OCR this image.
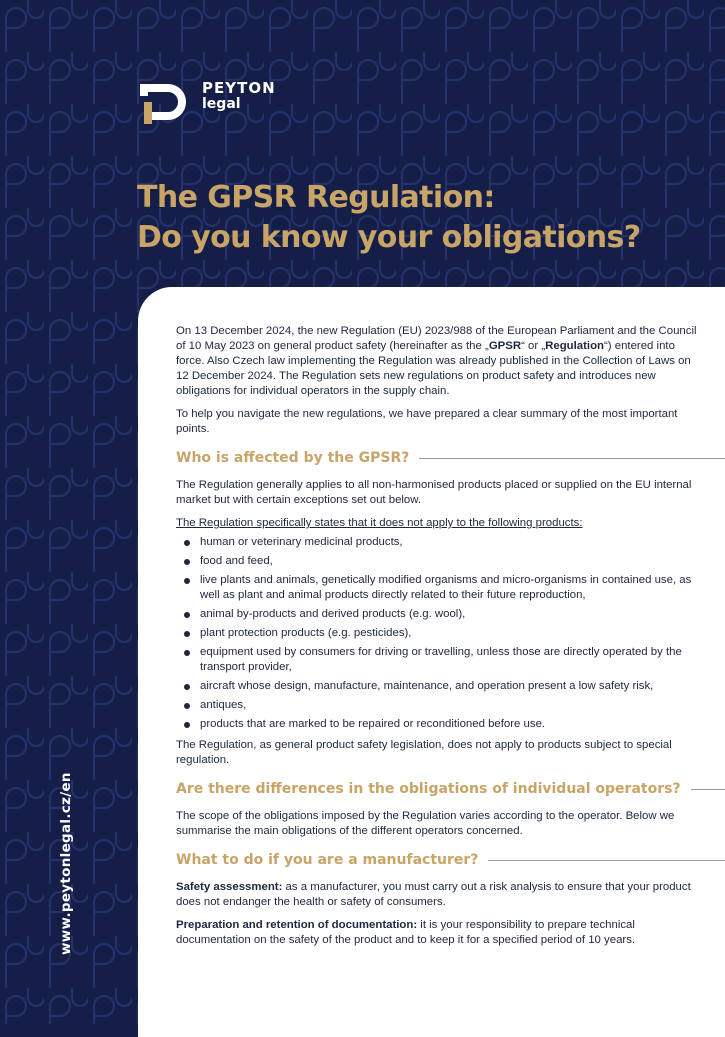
PEYTON
legal
The GPSR Regulation:
Do you know your obligations?
www.peytonlegal.cz/en

On 13 December 2024, the new Regulation (EU) 2023/988 of the European Parliament and the Council of 10 May 2023 on general product safety (hereinafter as the „GPSR“ or „Regulation“) entered into force. Also Czech law implementing the Regulation was already published in the Collection of Laws on 12 December 2024. The Regulation sets new regulations on product safety and introduces new obligations for individual operators in the supply chain.

To help you navigate the new regulations, we have prepared a clear summary of the most important points.

Who is affected by the GPSR?

The Regulation generally applies to all non-harmonised products placed or supplied on the EU internal market but with certain exceptions set out below.

The Regulation specifically states that it does not apply to the following products:

human or veterinary medicinal products,
food and feed,
live plants and animals, genetically modified organisms and micro-organisms in contained use, as well as plant and animal products directly related to their future reproduction,
animal by-products and derived products (e.g. wool),
plant protection products (e.g. pesticides),
equipment used by consumers for driving or travelling, unless those are directly operated by the transport provider,
aircraft whose design, manufacture, maintenance, and operation present a low safety risk,
antiques,
products that are marked to be repaired or reconditioned before use.

The Regulation, as general product safety legislation, does not apply to products subject to special regulation.

Are there differences in the obligations of individual operators?

The scope of the obligations imposed by the Regulation varies according to the operator. Below we summarise the main obligations of the different operators concerned.

What to do if you are a manufacturer?

Safety assessment: as a manufacturer, you must carry out a risk analysis to ensure that your product does not endanger the health or safety of consumers.

Preparation and retention of documentation: it is your responsibility to prepare technical documentation on the safety of the product and to keep it for a specified period of 10 years.
